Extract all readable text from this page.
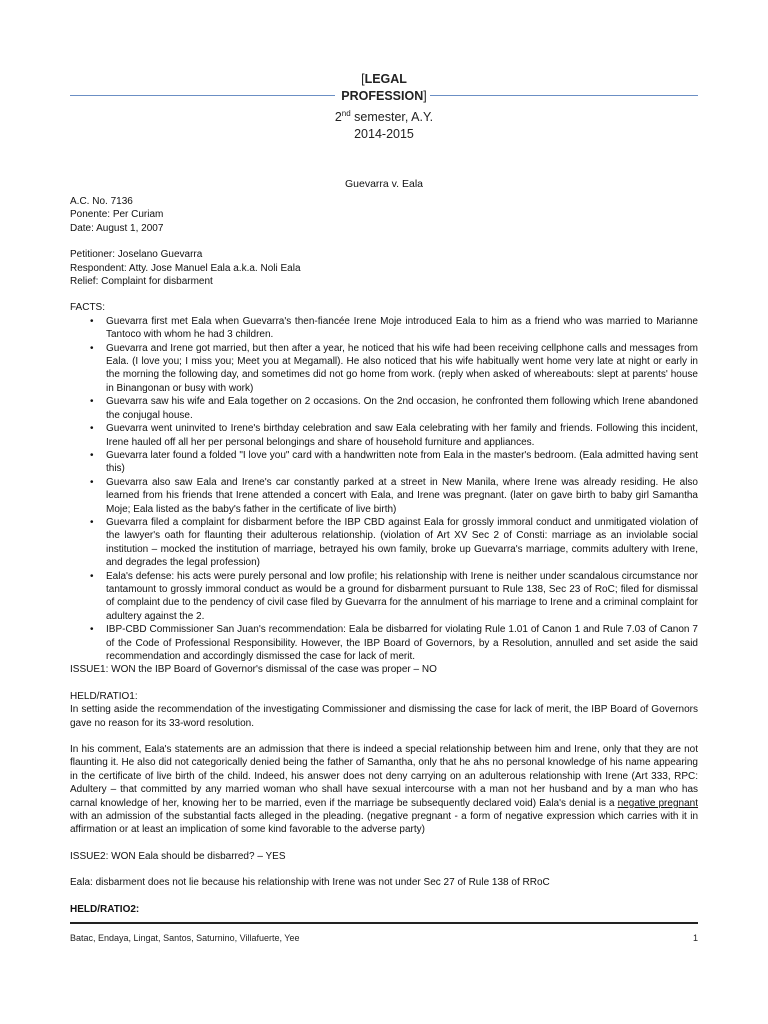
[LEGAL
PROFESSION]
2nd semester, A.Y.
2014-2015
Guevarra v. Eala

A.C. No. 7136

Ponente: Per Curiam

Date: August 1, 2007

Petitioner: Joselano Guevarra

Respondent: Atty. Jose Manuel Eala a.k.a. Noli Eala

Relief: Complaint for disbarment

FACTS:

• Guevarra first met Eala when Guevarra's then-fiancée Irene Moje introduced Eala to him as a friend who was married to Marianne Tantoco with whom he had 3 children.
• Guevarra and Irene got married, but then after a year, he noticed that his wife had been receiving cellphone calls and messages from Eala. (I love you; I miss you; Meet you at Megamall). He also noticed that his wife habitually went home very late at night or early in the morning the following day, and sometimes did not go home from work. (reply when asked of whereabouts: slept at parents' house in Binangonan or busy with work)
• Guevarra saw his wife and Eala together on 2 occasions. On the 2nd occasion, he confronted them following which Irene abandoned the conjugal house.
• Guevarra went uninvited to Irene's birthday celebration and saw Eala celebrating with her family and friends. Following this incident, Irene hauled off all her per personal belongings and share of household furniture and appliances.
• Guevarra later found a folded "I love you" card with a handwritten note from Eala in the master's bedroom. (Eala admitted having sent this)
• Guevarra also saw Eala and Irene's car constantly parked at a street in New Manila, where Irene was already residing. He also learned from his friends that Irene attended a concert with Eala, and Irene was pregnant. (later on gave birth to baby girl Samantha Moje; Eala listed as the baby's father in the certificate of live birth)
• Guevarra filed a complaint for disbarment before the IBP CBD against Eala for grossly immoral conduct and unmitigated violation of the lawyer's oath for flaunting their adulterous relationship. (violation of Art XV Sec 2 of Consti: marriage as an inviolable social institution – mocked the institution of marriage, betrayed his own family, broke up Guevarra's marriage, commits adultery with Irene, and degrades the legal profession)
• Eala's defense: his acts were purely personal and low profile; his relationship with Irene is neither under scandalous circumstance nor tantamount to grossly immoral conduct as would be a ground for disbarment pursuant to Rule 138, Sec 23 of RoC; filed for dismissal of complaint due to the pendency of civil case filed by Guevarra for the annulment of his marriage to Irene and a criminal complaint for adultery against the 2.
• IBP-CBD Commissioner San Juan's recommendation: Eala be disbarred for violating Rule 1.01 of Canon 1 and Rule 7.03 of Canon 7 of the Code of Professional Responsibility. However, the IBP Board of Governors, by a Resolution, annulled and set aside the said recommendation and accordingly dismissed the case for lack of merit.

ISSUE1: WON the IBP Board of Governor's dismissal of the case was proper – NO

HELD/RATIO1:

In setting aside the recommendation of the investigating Commissioner and dismissing the case for lack of merit, the IBP Board of Governors gave no reason for its 33-word resolution.

In his comment, Eala's statements are an admission that there is indeed a special relationship between him and Irene, only that they are not flaunting it. He also did not categorically denied being the father of Samantha, only that he ahs no personal knowledge of his name appearing in the certificate of live birth of the child. Indeed, his answer does not deny carrying on an adulterous relationship with Irene (Art 333, RPC: Adultery – that committed by any married woman who shall have sexual intercourse with a man not her husband and by a man who has carnal knowledge of her, knowing her to be married, even if the marriage be subsequently declared void) Eala's denial is a negative pregnant with an admission of the substantial facts alleged in the pleading. (negative pregnant - a form of negative expression which carries with it in affirmation or at least an implication of some kind favorable to the adverse party)

ISSUE2: WON Eala should be disbarred? – YES

Eala: disbarment does not lie because his relationship with Irene was not under Sec 27 of Rule 138 of RRoC

HELD/RATIO2:

Batac, Endaya, Lingat, Santos, Saturnino, Villafuerte, Yee	1
